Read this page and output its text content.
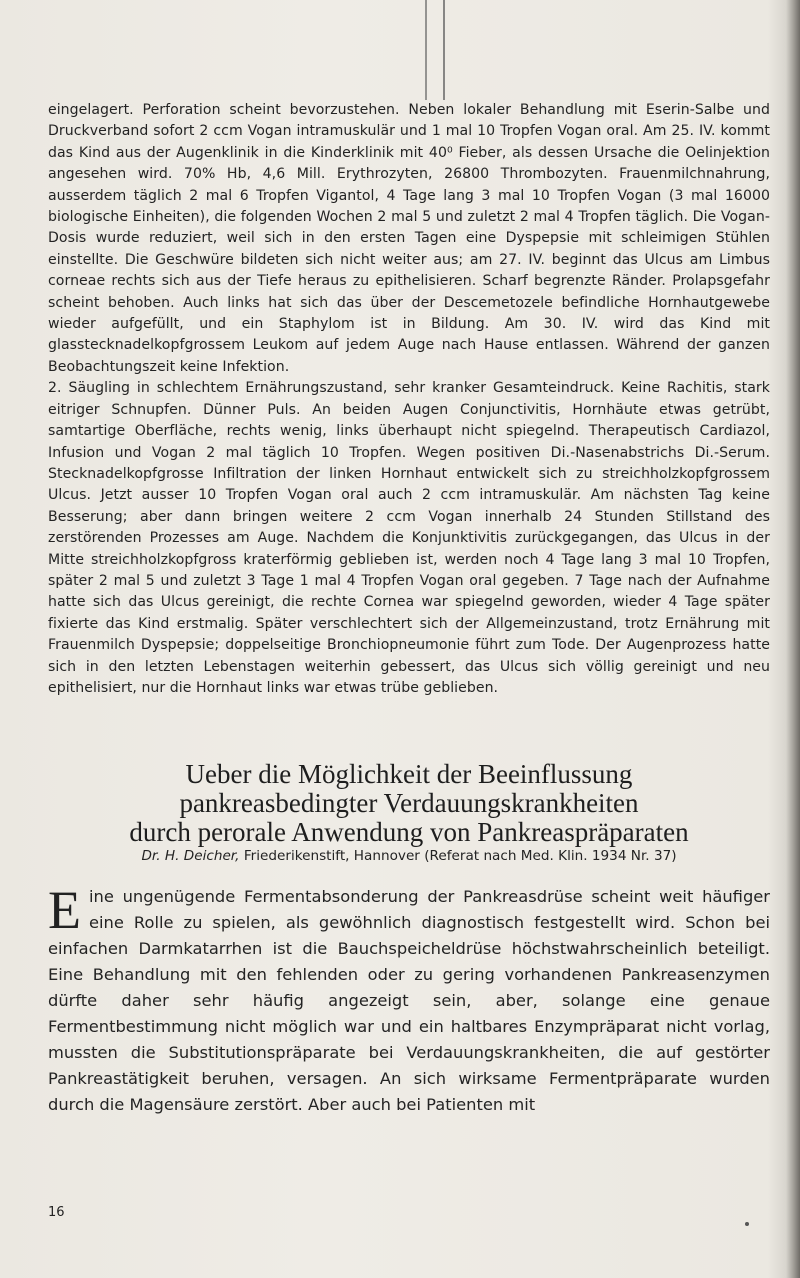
eingelagert. Perforation scheint bevorzustehen. Neben lokaler Behandlung mit Eserin-Salbe und Druckverband sofort 2 ccm Vogan intramuskulär und 1 mal 10 Tropfen Vogan oral. Am 25. IV. kommt das Kind aus der Augenklinik in die Kinderklinik mit 40⁰ Fieber, als dessen Ursache die Oelinjektion angesehen wird. 70% Hb, 4,6 Mill. Erythrozyten, 26800 Thrombozyten. Frauenmilchnahrung, ausserdem täglich 2 mal 6 Tropfen Vigantol, 4 Tage lang 3 mal 10 Tropfen Vogan (3 mal 16000 biologische Einheiten), die folgenden Wochen 2 mal 5 und zuletzt 2 mal 4 Tropfen täglich. Die Vogan-Dosis wurde reduziert, weil sich in den ersten Tagen eine Dyspepsie mit schleimigen Stühlen einstellte. Die Geschwüre bildeten sich nicht weiter aus; am 27. IV. beginnt das Ulcus am Limbus corneae rechts sich aus der Tiefe heraus zu epithelisieren. Scharf begrenzte Ränder. Prolapsgefahr scheint behoben. Auch links hat sich das über der Descemetozele befindliche Hornhautgewebe wieder aufgefüllt, und ein Staphylom ist in Bildung. Am 30. IV. wird das Kind mit glasstecknadelkopfgrossem Leukom auf jedem Auge nach Hause entlassen. Während der ganzen Beobachtungszeit keine Infektion.

2. Säugling in schlechtem Ernährungszustand, sehr kranker Gesamteindruck. Keine Rachitis, stark eitriger Schnupfen. Dünner Puls. An beiden Augen Conjunctivitis, Hornhäute etwas getrübt, samtartige Oberfläche, rechts wenig, links überhaupt nicht spiegelnd. Therapeutisch Cardiazol, Infusion und Vogan 2 mal täglich 10 Tropfen. Wegen positiven Di.-Nasenabstrichs Di.-Serum. Stecknadelkopfgrosse Infiltration der linken Hornhaut entwickelt sich zu streichholzkopfgrossem Ulcus. Jetzt ausser 10 Tropfen Vogan oral auch 2 ccm intramuskulär. Am nächsten Tag keine Besserung; aber dann bringen weitere 2 ccm Vogan innerhalb 24 Stunden Stillstand des zerstörenden Prozesses am Auge. Nachdem die Konjunktivitis zurückgegangen, das Ulcus in der Mitte streichholzkopfgross kraterförmig geblieben ist, werden noch 4 Tage lang 3 mal 10 Tropfen, später 2 mal 5 und zuletzt 3 Tage 1 mal 4 Tropfen Vogan oral gegeben. 7 Tage nach der Aufnahme hatte sich das Ulcus gereinigt, die rechte Cornea war spiegelnd geworden, wieder 4 Tage später fixierte das Kind erstmalig. Später verschlechtert sich der Allgemeinzustand, trotz Ernährung mit Frauenmilch Dyspepsie; doppelseitige Bronchiopneumonie führt zum Tode. Der Augenprozess hatte sich in den letzten Lebenstagen weiterhin gebessert, das Ulcus sich völlig gereinigt und neu epithelisiert, nur die Hornhaut links war etwas trübe geblieben.

Ueber die Möglichkeit der Beeinflussung
pankreasbedingter Verdauungskrankheiten
durch perorale Anwendung von Pankreaspräparaten
Dr. H. Deicher, Friederikenstift, Hannover (Referat nach Med. Klin. 1934 Nr. 37)

Eine ungenügende Fermentabsonderung der Pankreasdrüse scheint weit häufiger eine Rolle zu spielen, als gewöhnlich diagnostisch festgestellt wird. Schon bei einfachen Darmkatarrhen ist die Bauchspeicheldrüse höchstwahrscheinlich beteiligt. Eine Behandlung mit den fehlenden oder zu gering vorhandenen Pankreasenzymen dürfte daher sehr häufig angezeigt sein, aber, solange eine genaue Fermentbestimmung nicht möglich war und ein haltbares Enzympräparat nicht vorlag, mussten die Substitutionspräparate bei Verdauungskrankheiten, die auf gestörter Pankreastätigkeit beruhen, versagen. An sich wirksame Fermentpräparate wurden durch die Magensäure zerstört. Aber auch bei Patienten mit

16
